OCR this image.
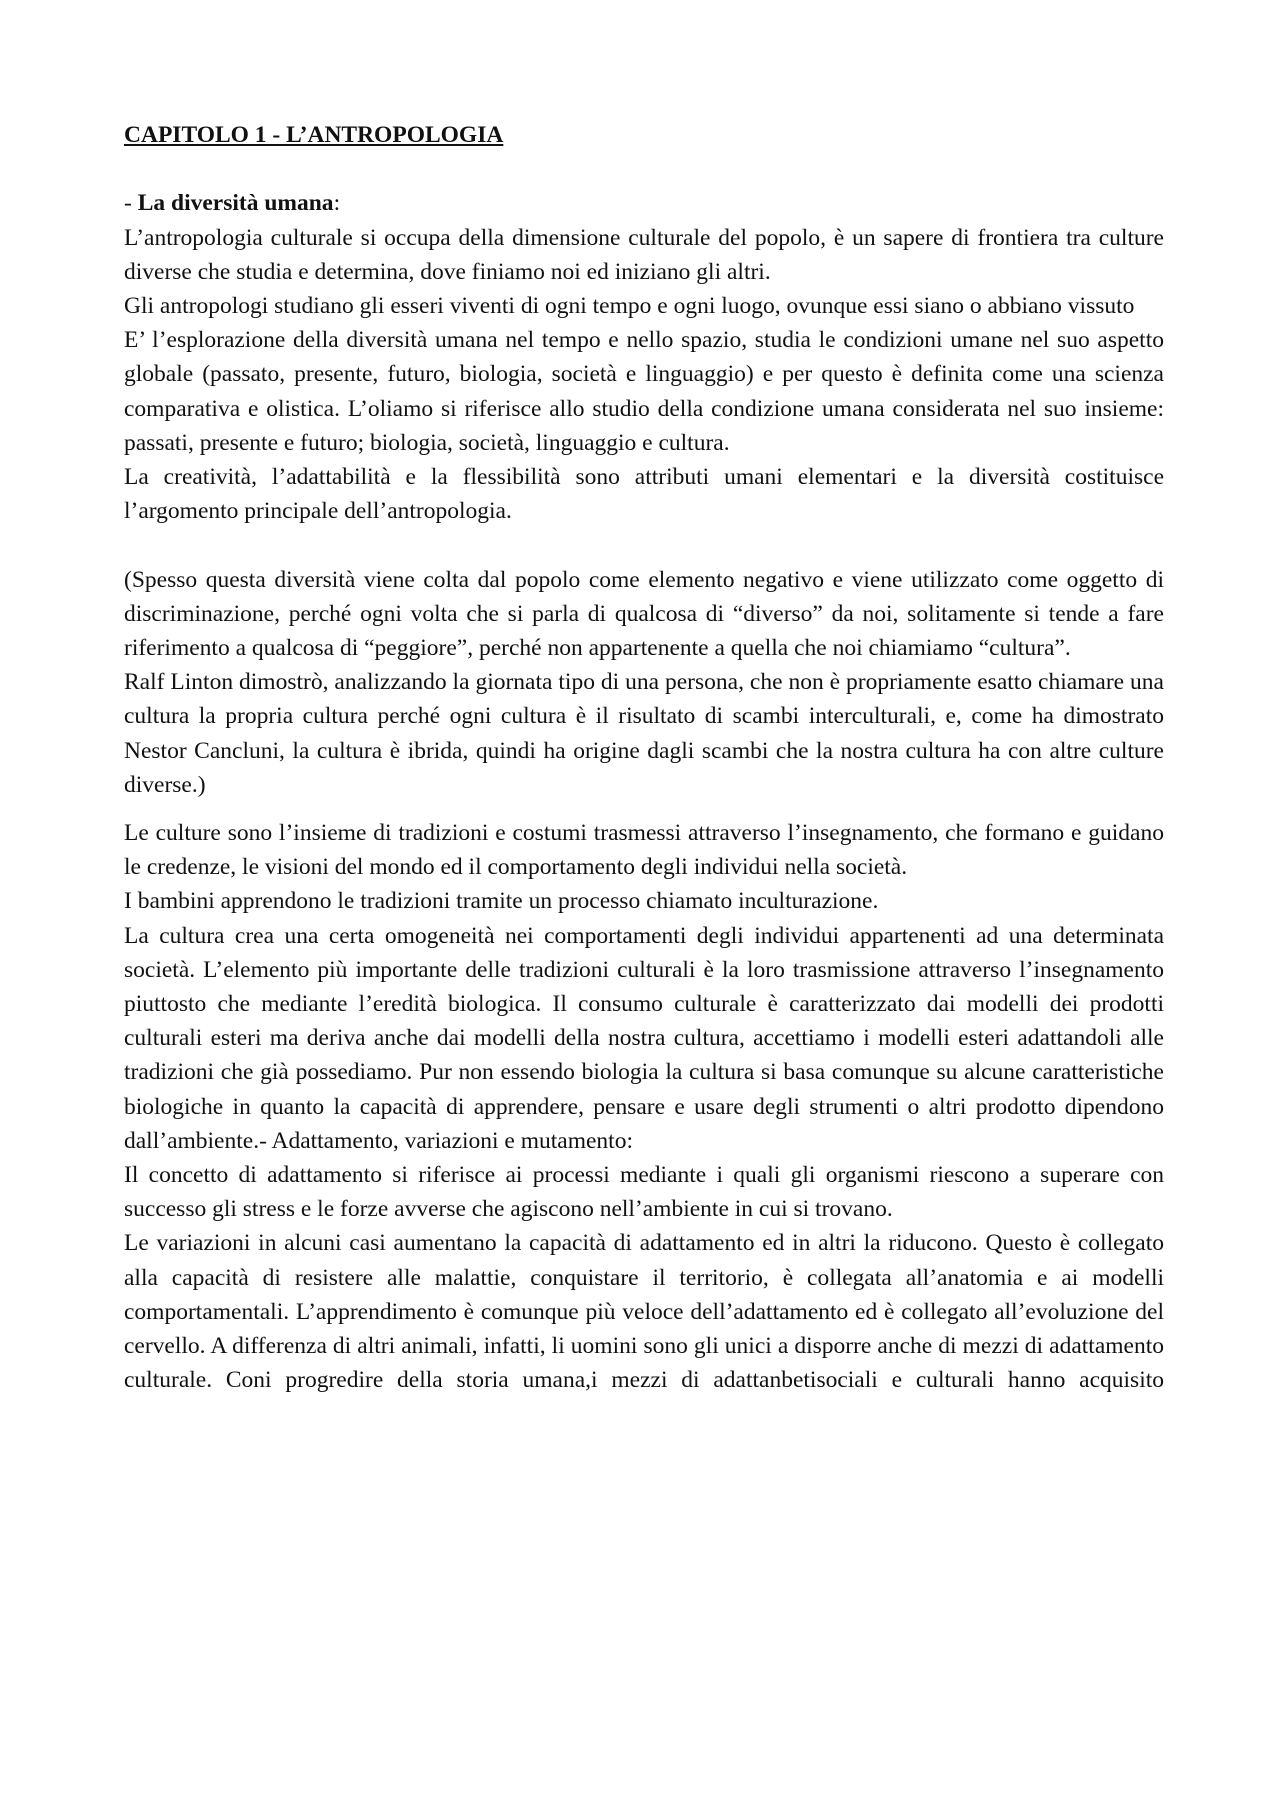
CAPITOLO 1 - L’ANTROPOLOGIA
- La diversità umana:

L’antropologia culturale si occupa della dimensione culturale del popolo, è un sapere di frontiera tra culture diverse che studia e determina, dove finiamo noi ed iniziano gli altri.

Gli antropologi studiano gli esseri viventi di ogni tempo e ogni luogo, ovunque essi siano o abbiano vissuto

E’ l’esplorazione della diversità umana nel tempo e nello spazio, studia le condizioni umane nel suo aspetto globale (passato, presente, futuro, biologia, società e linguaggio) e per questo è definita come una scienza comparativa e olistica. L’oliamo si riferisce allo studio della condizione umana considerata nel suo insieme: passati, presente e futuro; biologia, società, linguaggio e cultura.

La creatività, l’adattabilità e la flessibilità sono attributi umani elementari e la diversità costituisce l’argomento principale dell’antropologia.

(Spesso questa diversità viene colta dal popolo come elemento negativo e viene utilizzato come oggetto di discriminazione, perché ogni volta che si parla di qualcosa di “diverso” da noi, solitamente si tende a fare riferimento a qualcosa di “peggiore”, perché non appartenente a quella che noi chiamiamo “cultura”.

Ralf Linton dimostrò, analizzando la giornata tipo di una persona, che non è propriamente esatto chiamare una cultura la propria cultura perché ogni cultura è il risultato di scambi interculturali, e, come ha dimostrato Nestor Cancluni, la cultura è ibrida, quindi ha origine dagli scambi che la nostra cultura ha con altre culture diverse.)

Le culture sono l’insieme di tradizioni e costumi trasmessi attraverso l’insegnamento, che formano e guidano le credenze, le visioni del mondo ed il comportamento degli individui nella società.

I bambini apprendono le tradizioni tramite un processo chiamato inculturazione.

La cultura crea una certa omogeneità nei comportamenti degli individui appartenenti ad una determinata società. L’elemento più importante delle tradizioni culturali è la loro trasmissione attraverso l’insegnamento piuttosto che mediante l’eredità biologica. Il consumo culturale è caratterizzato dai modelli dei prodotti culturali esteri ma deriva anche dai modelli della nostra cultura, accettiamo i modelli esteri adattandoli alle tradizioni che già possediamo. Pur non essendo biologia la cultura si basa comunque su alcune caratteristiche biologiche in quanto la capacità di apprendere, pensare e usare degli strumenti o altri prodotto dipendono dall’ambiente.- Adattamento, variazioni e mutamento:

Il concetto di adattamento si riferisce ai processi mediante i quali gli organismi riescono a superare con successo gli stress e le forze avverse che agiscono nell’ambiente in cui si trovano.

Le variazioni in alcuni casi aumentano la capacità di adattamento ed in altri la riducono. Questo è collegato alla capacità di resistere alle malattie, conquistare il territorio, è collegata all’anatomia e ai modelli comportamentali. L’apprendimento è comunque più veloce dell’adattamento ed è collegato all’evoluzione del cervello. A differenza di altri animali, infatti, li uomini sono gli unici a disporre anche di mezzi di adattamento culturale. Coni progredire della storia umana,i mezzi di adattanbetisociali e culturali hanno acquisito
